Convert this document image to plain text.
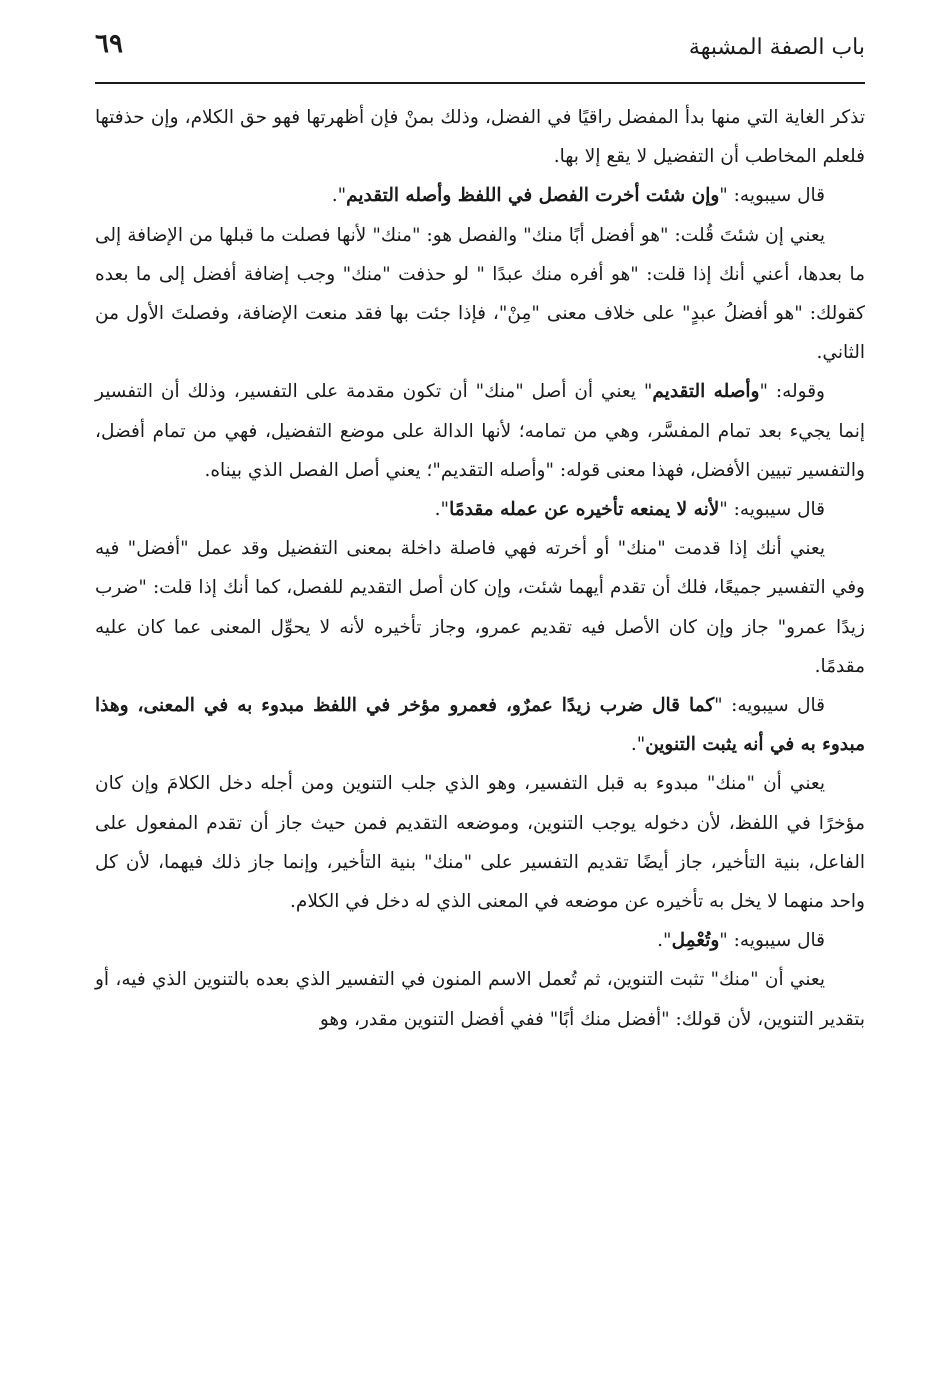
باب الصفة المشبهة
٦٩

تذكر الغاية التي منها بدأ المفضل راقيًا في الفضل، وذلك بمنْ فإن أظهرتها فهو حق الكلام، وإن حذفتها فلعلم المخاطب أن التفضيل لا يقع إلا بها.

قال سيبويه: "وإن شئت أخرت الفصل في اللفظ وأصله التقديم".

يعني إن شئتَ قُلت: "هو أفضل أبًا منك" والفصل هو: "منك" لأنها فصلت ما قبلها من الإضافة إلى ما بعدها، أعني أنك إذا قلت: "هو أفره منك عبدًا " لو حذفت "منك" وجب إضافة أفضل إلى ما بعده كقولك: "هو أفضلُ عبدٍ" على خلاف معنى "مِنْ"، فإذا جئت بها فقد منعت الإضافة، وفصلتَ الأول من الثاني.

وقوله: "وأصله التقديم" يعني أن أصل "منك" أن تكون مقدمة على التفسير، وذلك أن التفسير إنما يجيء بعد تمام المفسَّر، وهي من تمامه؛ لأنها الدالة على موضع التفضيل، فهي من تمام أفضل، والتفسير تبيين الأفضل، فهذا معنى قوله: "وأصله التقديم"؛ يعني أصل الفصل الذي بيناه.

قال سيبويه: "لأنه لا يمنعه تأخيره عن عمله مقدمًا".

يعني أنك إذا قدمت "منك" أو أخرته فهي فاصلة داخلة بمعنى التفضيل وقد عمل "أفضل" فيه وفي التفسير جميعًا، فلك أن تقدم أيهما شئت، وإن كان أصل التقديم للفصل، كما أنك إذا قلت: "ضرب زيدًا عمرو" جاز وإن كان الأصل فيه تقديم عمرو، وجاز تأخيره لأنه لا يحوِّل المعنى عما كان عليه مقدمًا.

قال سيبويه: "كما قال ضرب زيدًا عمرٌو، فعمرو مؤخر في اللفظ مبدوء به في المعنى، وهذا مبدوء به في أنه يثبت التنوين".

يعني أن "منك" مبدوء به قبل التفسير، وهو الذي جلب التنوين ومن أجله دخل الكلامَ وإن كان مؤخرًا في اللفظ، لأن دخوله يوجب التنوين، وموضعه التقديم فمن حيث جاز أن تقدم المفعول على الفاعل، بنية التأخير، جاز أيضًا تقديم التفسير على "منك" بنية التأخير، وإنما جاز ذلك فيهما، لأن كل واحد منهما لا يخل به تأخيره عن موضعه في المعنى الذي له دخل في الكلام.

قال سيبويه: "وتُعْمِل".

يعني أن "منك" تثبت التنوين، ثم تُعمل الاسم المنون في التفسير الذي بعده بالتنوين الذي فيه، أو بتقدير التنوين، لأن قولك: "أفضل منك أبًا" ففي أفضل التنوين مقدر، وهو
